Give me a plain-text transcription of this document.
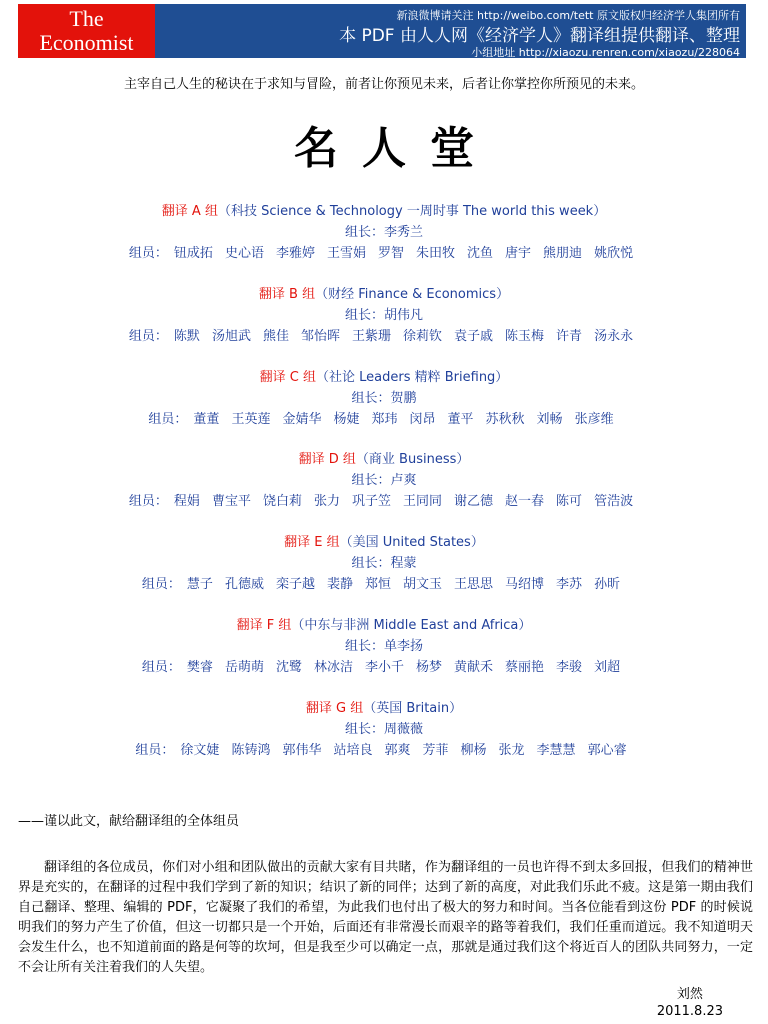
The
Economist
新浪微博请关注 http://weibo.com/tett 原文版权归经济学人集团所有
本 PDF 由人人网《经济学人》翻译组提供翻译、整理
小组地址 http://xiaozu.renren.com/xiaozu/228064
主宰自己人生的秘诀在于求知与冒险，前者让你预见未来，后者让你掌控你所预见的未来。
名人堂
翻译 A 组（科技 Science & Technology 一周时事 The world this week）
组长：李秀兰
组员： 钮成拓 史心语 李雅婷 王雪娟 罗智 朱田牧 沈鱼 唐宇 熊朋迪 姚欣悦
翻译 B 组（财经 Finance & Economics）
组长：胡伟凡
组员： 陈默 汤旭武 熊佳 邹怡晖 王紫珊 徐莉钦 袁子戚 陈玉梅 许青 汤永永
翻译 C 组（社论 Leaders 精粹 Briefing）
组长：贺鹏
组员： 董董 王英莲 金婧华 杨婕 郑玮 闵昂 董平 苏秋秋 刘畅 张彦维
翻译 D 组（商业 Business）
组长：卢爽
组员： 程娟 曹宝平 饶白莉 张力 巩子笠 王同同 谢乙德 赵一春 陈可 管浩波
翻译 E 组（美国 United States）
组长：程蒙
组员： 慧子 孔德威 栾子越 裴静 郑恒 胡文玉 王思思 马绍博 李苏 孙昕
翻译 F 组（中东与非洲 Middle East and Africa）
组长：单李扬
组员： 樊睿 岳萌萌 沈鹭 林冰洁 李小千 杨梦 黄献禾 蔡丽艳 李骏 刘超
翻译 G 组（英国 Britain）
组长：周薇薇
组员： 徐文婕 陈铸鸿 郭伟华 站培良 郭爽 芳菲 柳杨 张龙 李慧慧 郭心睿
——谨以此文，献给翻译组的全体组员
翻译组的各位成员，你们对小组和团队做出的贡献大家有目共睹，作为翻译组的一员也许得不到太多回报，但我们的精神世界是充实的，在翻译的过程中我们学到了新的知识；结识了新的同伴；达到了新的高度，对此我们乐此不疲。这是第一期由我们自己翻译、整理、编辑的 PDF，它凝聚了我们的希望，为此我们也付出了极大的努力和时间。当各位能看到这份 PDF 的时候说明我们的努力产生了价值，但这一切都只是一个开始，后面还有非常漫长而艰辛的路等着我们，我们任重而道远。我不知道明天会发生什么，也不知道前面的路是何等的坎坷，但是我至少可以确定一点，那就是通过我们这个将近百人的团队共同努力，一定不会让所有关注着我们的人失望。
刘然
2011.8.23
